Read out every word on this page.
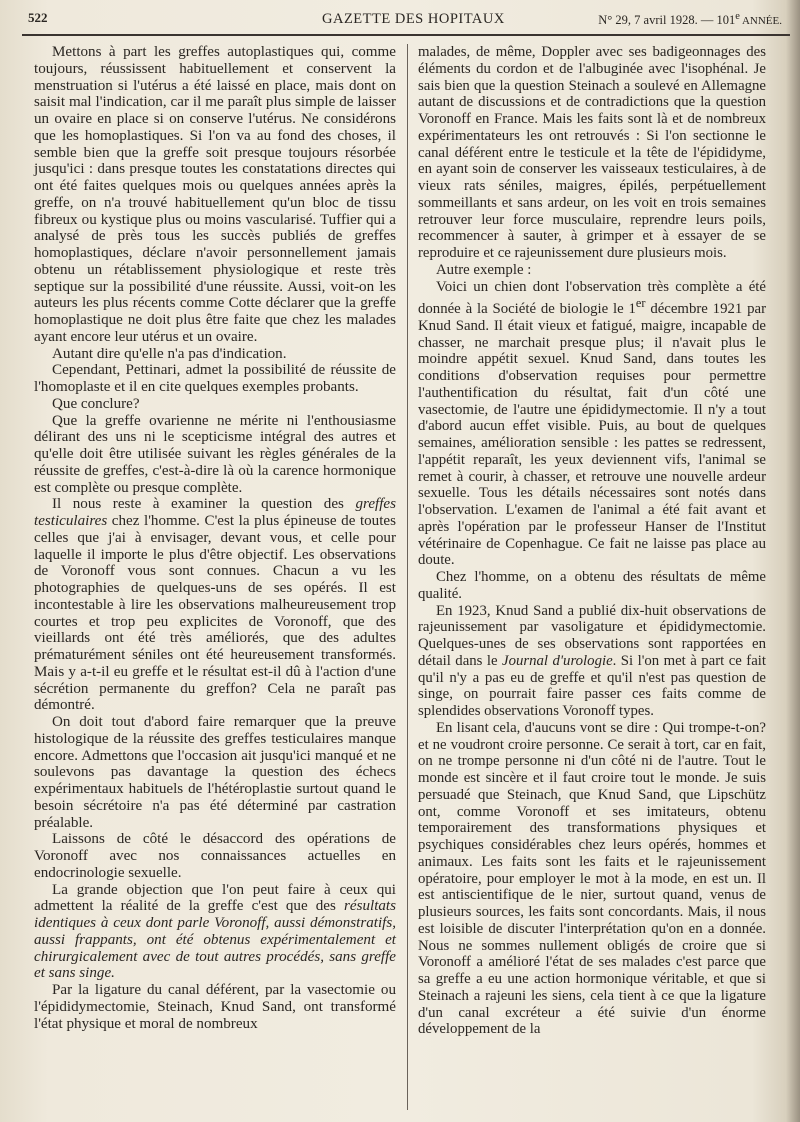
522	GAZETTE DES HOPITAUX	N° 29, 7 avril 1928. — 101e ANNÉE.

Mettons à part les greffes autoplastiques qui, comme toujours, réussissent habituellement et conservent la menstruation si l'utérus a été laissé en place, mais dont on saisit mal l'indication, car il me paraît plus simple de laisser un ovaire en place si on conserve l'utérus. Ne considérons que les homoplastiques. Si l'on va au fond des choses, il semble bien que la greffe soit presque toujours résorbée jusqu'ici : dans presque toutes les constatations directes qui ont été faites quelques mois ou quelques années après la greffe, on n'a trouvé habituellement qu'un bloc de tissu fibreux ou kystique plus ou moins vascularisé. Tuffier qui a analysé de près tous les succès publiés de greffes homoplastiques, déclare n'avoir personnellement jamais obtenu un rétablissement physiologique et reste très septique sur la possibilité d'une réussite. Aussi, voit-on les auteurs les plus récents comme Cotte déclarer que la greffe homoplastique ne doit plus être faite que chez les malades ayant encore leur utérus et un ovaire.

Autant dire qu'elle n'a pas d'indication.

Cependant, Pettinari, admet la possibilité de réussite de l'homoplaste et il en cite quelques exemples probants.

Que conclure?

Que la greffe ovarienne ne mérite ni l'enthousiasme délirant des uns ni le scepticisme intégral des autres et qu'elle doit être utilisée suivant les règles générales de la réussite de greffes, c'est-à-dire là où la carence hormonique est complète ou presque complète.

Il nous reste à examiner la question des greffes testiculaires chez l'homme. C'est la plus épineuse de toutes celles que j'ai à envisager, devant vous, et celle pour laquelle il importe le plus d'être objectif. Les observations de Voronoff vous sont connues. Chacun a vu les photographies de quelques-uns de ses opérés. Il est incontestable à lire les observations malheureusement trop courtes et trop peu explicites de Voronoff, que des vieillards ont été très améliorés, que des adultes prématurément séniles ont été heureusement transformés. Mais y a-t-il eu greffe et le résultat est-il dû à l'action d'une sécrétion permanente du greffon? Cela ne paraît pas démontré.

On doit tout d'abord faire remarquer que la preuve histologique de la réussite des greffes testiculaires manque encore. Admettons que l'occasion ait jusqu'ici manqué et ne soulevons pas davantage la question des échecs expérimentaux habituels de l'hétéroplastie surtout quand le besoin sécrétoire n'a pas été déterminé par castration préalable.

Laissons de côté le désaccord des opérations de Voronoff avec nos connaissances actuelles en endocrinologie sexuelle.

La grande objection que l'on peut faire à ceux qui admettent la réalité de la greffe c'est que des résultats identiques à ceux dont parle Voronoff, aussi démonstratifs, aussi frappants, ont été obtenus expérimentalement et chirurgicalement avec de tout autres procédés, sans greffe et sans singe.

Par la ligature du canal déférent, par la vasectomie ou l'épididymectomie, Steinach, Knud Sand, ont transformé l'état physique et moral de nombreux

malades, de même, Doppler avec ses badigeonnages des éléments du cordon et de l'albuginée avec l'isophénal. Je sais bien que la question Steinach a soulevé en Allemagne autant de discussions et de contradictions que la question Voronoff en France. Mais les faits sont là et de nombreux expérimentateurs les ont retrouvés : Si l'on sectionne le canal déférent entre le testicule et la tête de l'épididyme, en ayant soin de conserver les vaisseaux testiculaires, à de vieux rats séniles, maigres, épilés, perpétuellement sommeillants et sans ardeur, on les voit en trois semaines retrouver leur force musculaire, reprendre leurs poils, recommencer à sauter, à grimper et à essayer de se reproduire et ce rajeunissement dure plusieurs mois.

Autre exemple :

Voici un chien dont l'observation très complète a été donnée à la Société de biologie le 1er décembre 1921 par Knud Sand. Il était vieux et fatigué, maigre, incapable de chasser, ne marchait presque plus; il n'avait plus le moindre appétit sexuel. Knud Sand, dans toutes les conditions d'observation requises pour permettre l'authentification du résultat, fait d'un côté une vasectomie, de l'autre une épididymectomie. Il n'y a tout d'abord aucun effet visible. Puis, au bout de quelques semaines, amélioration sensible : les pattes se redressent, l'appétit reparaît, les yeux deviennent vifs, l'animal se remet à courir, à chasser, et retrouve une nouvelle ardeur sexuelle. Tous les détails nécessaires sont notés dans l'observation. L'examen de l'animal a été fait avant et après l'opération par le professeur Hanser de l'Institut vétérinaire de Copenhague. Ce fait ne laisse pas place au doute.

Chez l'homme, on a obtenu des résultats de même qualité.

En 1923, Knud Sand a publié dix-huit observations de rajeunissement par vasoligature et épididymectomie. Quelques-unes de ses observations sont rapportées en détail dans le Journal d'urologie. Si l'on met à part ce fait qu'il n'y a pas eu de greffe et qu'il n'est pas question de singe, on pourrait faire passer ces faits comme de splendides observations Voronoff types.

En lisant cela, d'aucuns vont se dire : Qui trompe-t-on? et ne voudront croire personne. Ce serait à tort, car en fait, on ne trompe personne ni d'un côté ni de l'autre. Tout le monde est sincère et il faut croire tout le monde. Je suis persuadé que Steinach, que Knud Sand, que Lipschütz ont, comme Voronoff et ses imitateurs, obtenu temporairement des transformations physiques et psychiques considérables chez leurs opérés, hommes et animaux. Les faits sont les faits et le rajeunissement opératoire, pour employer le mot à la mode, en est un. Il est antiscientifique de le nier, surtout quand, venus de plusieurs sources, les faits sont concordants. Mais, il nous est loisible de discuter l'interprétation qu'on en a donnée. Nous ne sommes nullement obligés de croire que si Voronoff a amélioré l'état de ses malades c'est parce que sa greffe a eu une action hormonique véritable, et que si Steinach a rajeuni les siens, cela tient à ce que la ligature d'un canal excréteur a été suivie d'un énorme développement de la
